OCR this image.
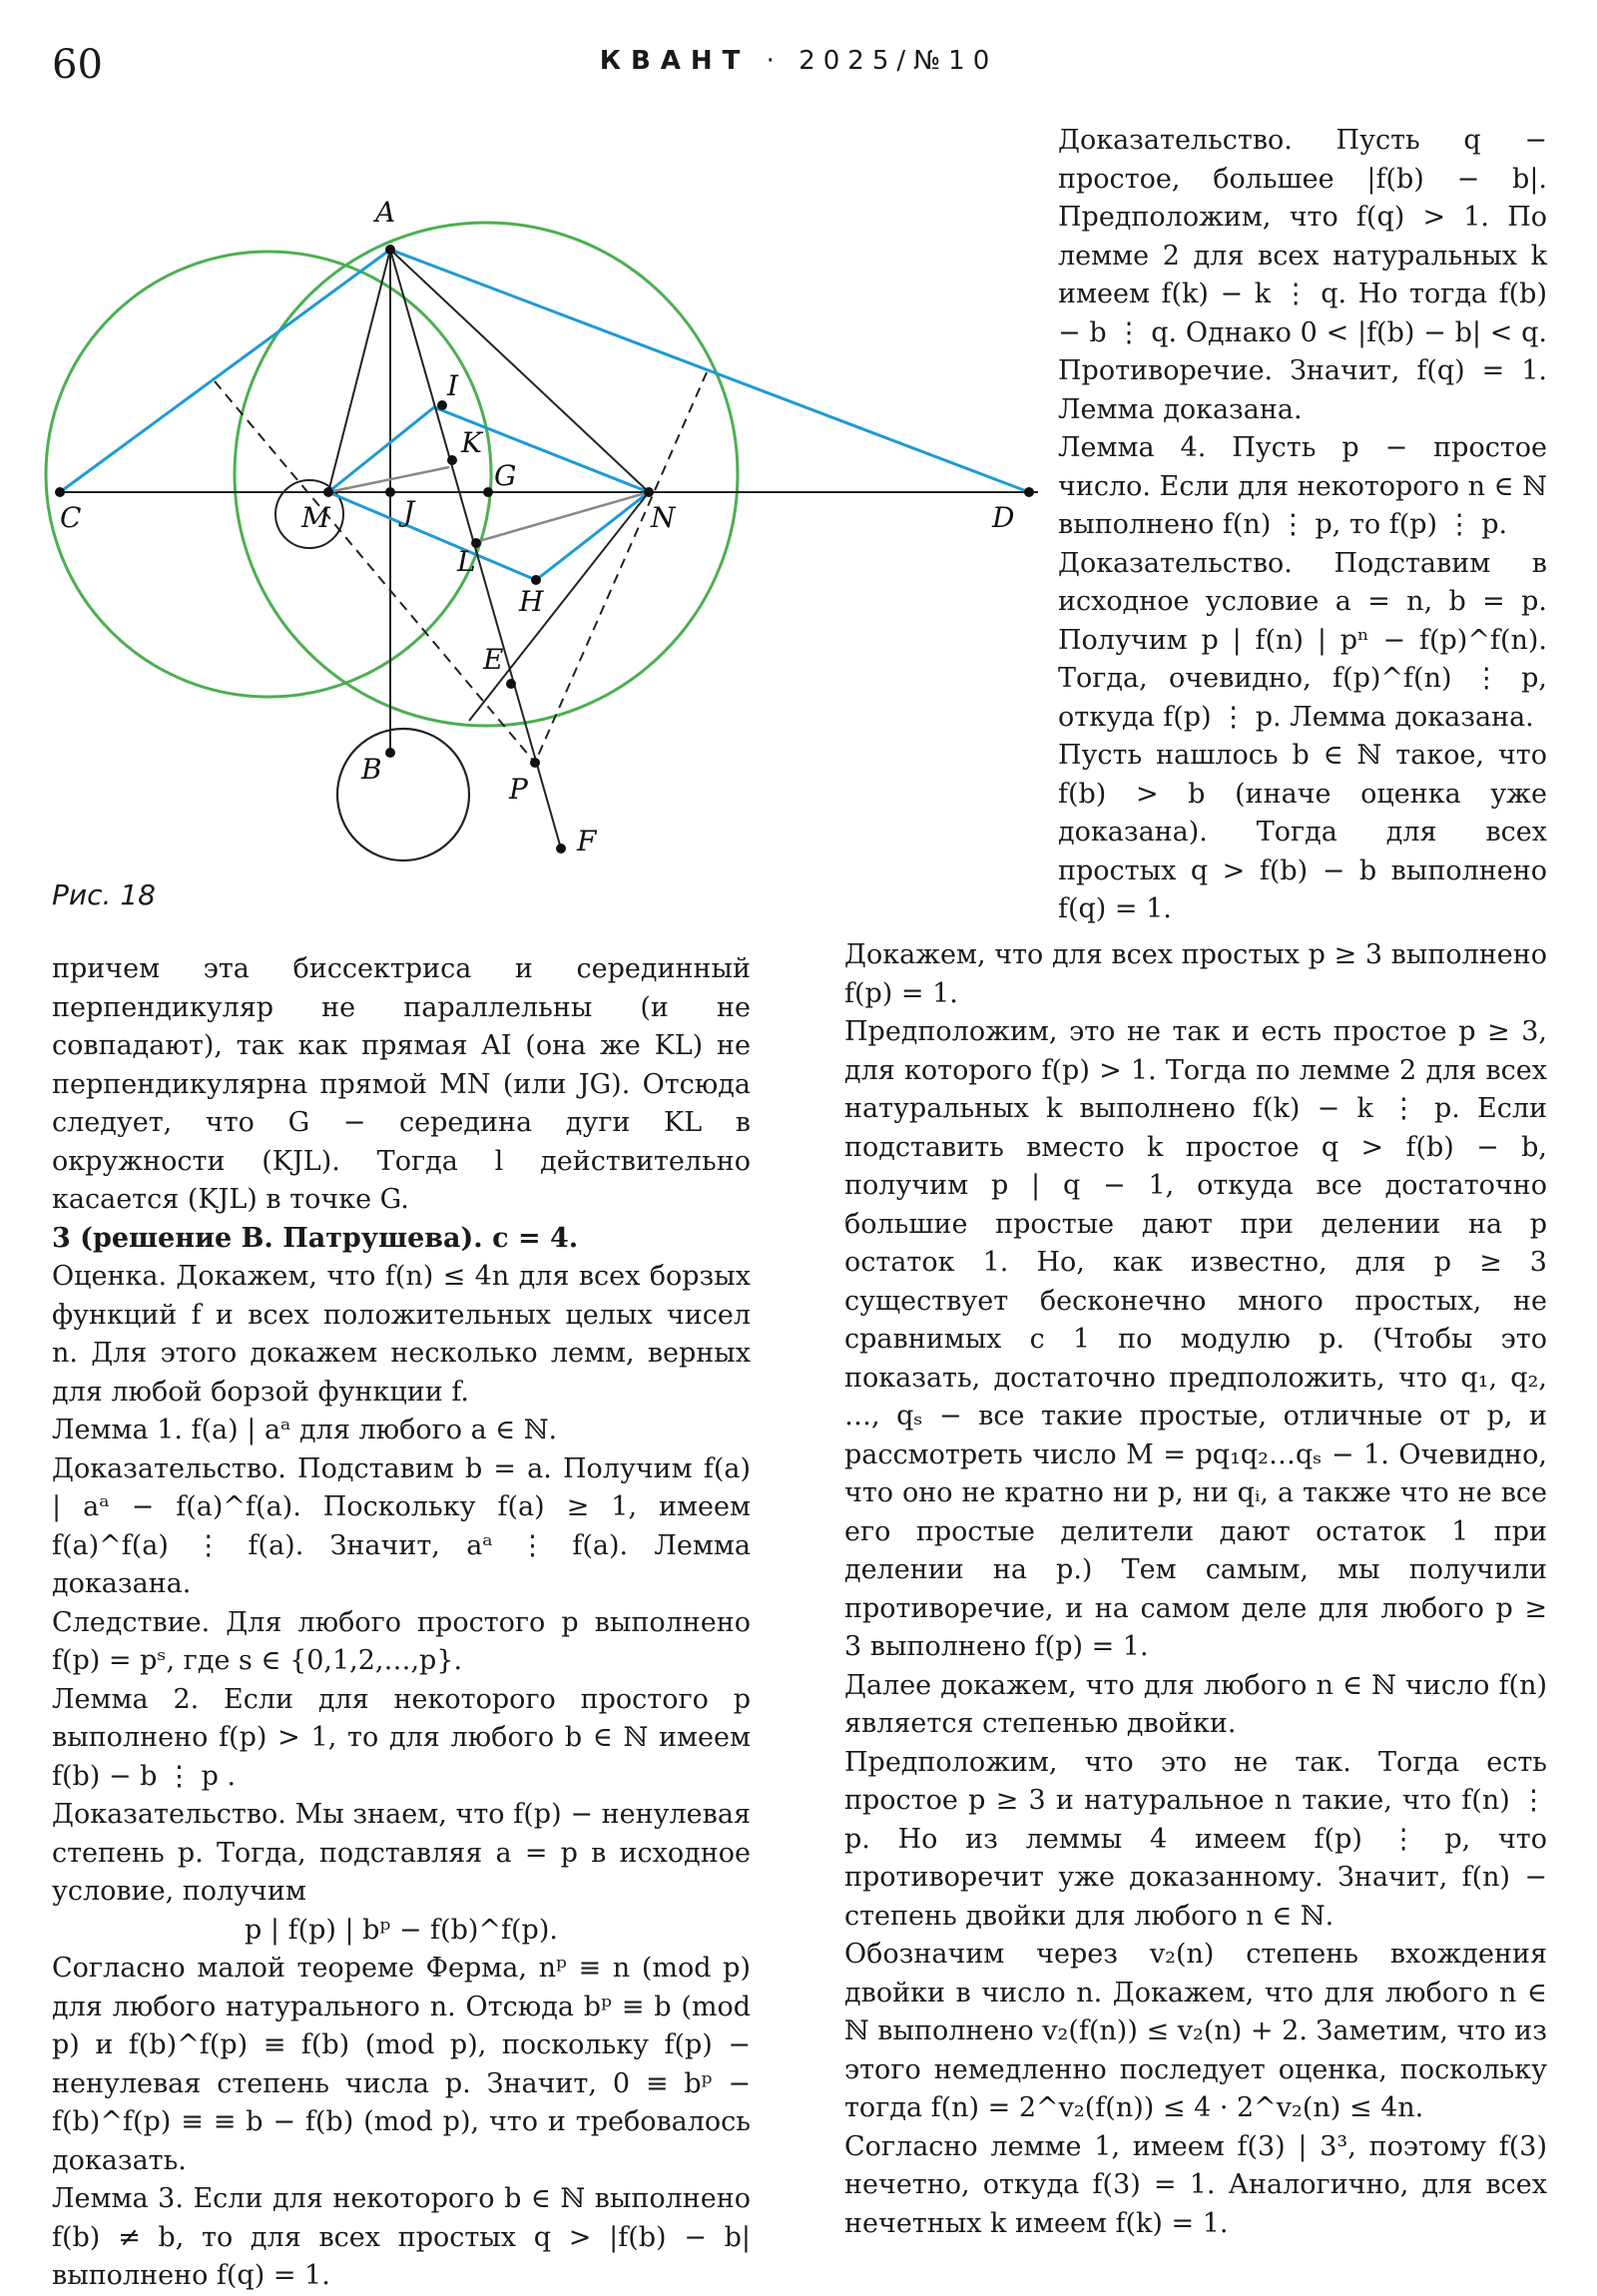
60	КВАНТ · 2025/№10
A
I
K
G
C	M	J	N	D
L
H
E
B
P
F
Рис. 18

Доказательство. Пусть q − простое, большее |f(b) − b|. Предположим, что f(q) > 1. По лемме 2 для всех натуральных k имеем f(k) − k ⋮ q. Но тогда f(b) − b ⋮ q. Однако 0 < |f(b) − b| < q. Противоречие. Значит, f(q) = 1. Лемма доказана.

Лемма 4. Пусть p − простое число. Если для некоторого n ∈ ℕ выполнено f(n) ⋮ p, то f(p) ⋮ p.

Доказательство. Подставим в исходное условие a = n, b = p. Получим p | f(n) | pⁿ − f(p)^f(n). Тогда, очевидно, f(p)^f(n) ⋮ p, откуда f(p) ⋮ p. Лемма доказана.

Пусть нашлось b ∈ ℕ такое, что f(b) > b (иначе оценка уже доказана). Тогда для всех простых q > f(b) − b выполнено f(q) = 1.

причем эта биссектриса и серединный перпендикуляр не параллельны (и не совпадают), так как прямая AI (она же KL) не перпендикулярна прямой MN (или JG). Отсюда следует, что G − середина дуги KL в окружности (KJL). Тогда l действительно касается (KJL) в точке G.

3 (решение В. Патрушева). c = 4.

Оценка. Докажем, что f(n) ≤ 4n для всех борзых функций f и всех положительных целых чисел n. Для этого докажем несколько лемм, верных для любой борзой функции f.

Лемма 1. f(a) | aᵃ для любого a ∈ ℕ.

Доказательство. Подставим b = a. Получим f(a) | aᵃ − f(a)^f(a). Поскольку f(a) ≥ 1, имеем f(a)^f(a) ⋮ f(a). Значит, aᵃ ⋮ f(a). Лемма доказана.

Следствие. Для любого простого p выполнено f(p) = pˢ, где s ∈ {0,1,2,…,p}.

Лемма 2. Если для некоторого простого p выполнено f(p) > 1, то для любого b ∈ ℕ имеем f(b) − b ⋮ p .

Доказательство. Мы знаем, что f(p) − ненулевая степень p. Тогда, подставляя a = p в исходное условие, получим

p | f(p) | bᵖ − f(b)^f(p).

Согласно малой теореме Ферма, nᵖ ≡ n (mod p) для любого натурального n. Отсюда bᵖ ≡ b (mod p) и f(b)^f(p) ≡ f(b) (mod p), поскольку f(p) − ненулевая степень числа p. Значит, 0 ≡ bᵖ − f(b)^f(p) ≡ ≡ b − f(b) (mod p), что и требовалось доказать.

Лемма 3. Если для некоторого b ∈ ℕ выполнено f(b) ≠ b, то для всех простых q > |f(b) − b| выполнено f(q) = 1.

Докажем, что для всех простых p ≥ 3 выполнено f(p) = 1.

Предположим, это не так и есть простое p ≥ 3, для которого f(p) > 1. Тогда по лемме 2 для всех натуральных k выполнено f(k) − k ⋮ p. Если подставить вместо k простое q > f(b) − b, получим p | q − 1, откуда все достаточно большие простые дают при делении на p остаток 1. Но, как известно, для p ≥ 3 существует бесконечно много простых, не сравнимых с 1 по модулю p. (Чтобы это показать, достаточно предположить, что q₁, q₂, …, qₛ − все такие простые, отличные от p, и рассмотреть число M = pq₁q₂…qₛ − 1. Очевидно, что оно не кратно ни p, ни qᵢ, а также что не все его простые делители дают остаток 1 при делении на p.) Тем самым, мы получили противоречие, и на самом деле для любого p ≥ 3 выполнено f(p) = 1.

Далее докажем, что для любого n ∈ ℕ число f(n) является степенью двойки.

Предположим, что это не так. Тогда есть простое p ≥ 3 и натуральное n такие, что f(n) ⋮ p. Но из леммы 4 имеем f(p) ⋮ p, что противоречит уже доказанному. Значит, f(n) − степень двойки для любого n ∈ ℕ.

Обозначим через v₂(n) степень вхождения двойки в число n. Докажем, что для любого n ∈ ℕ выполнено v₂(f(n)) ≤ v₂(n) + 2. Заметим, что из этого немедленно последует оценка, поскольку тогда f(n) = 2^v₂(f(n)) ≤ 4 · 2^v₂(n) ≤ 4n.

Согласно лемме 1, имеем f(3) | 3³, поэтому f(3) нечетно, откуда f(3) = 1. Аналогично, для всех нечетных k имеем f(k) = 1.
